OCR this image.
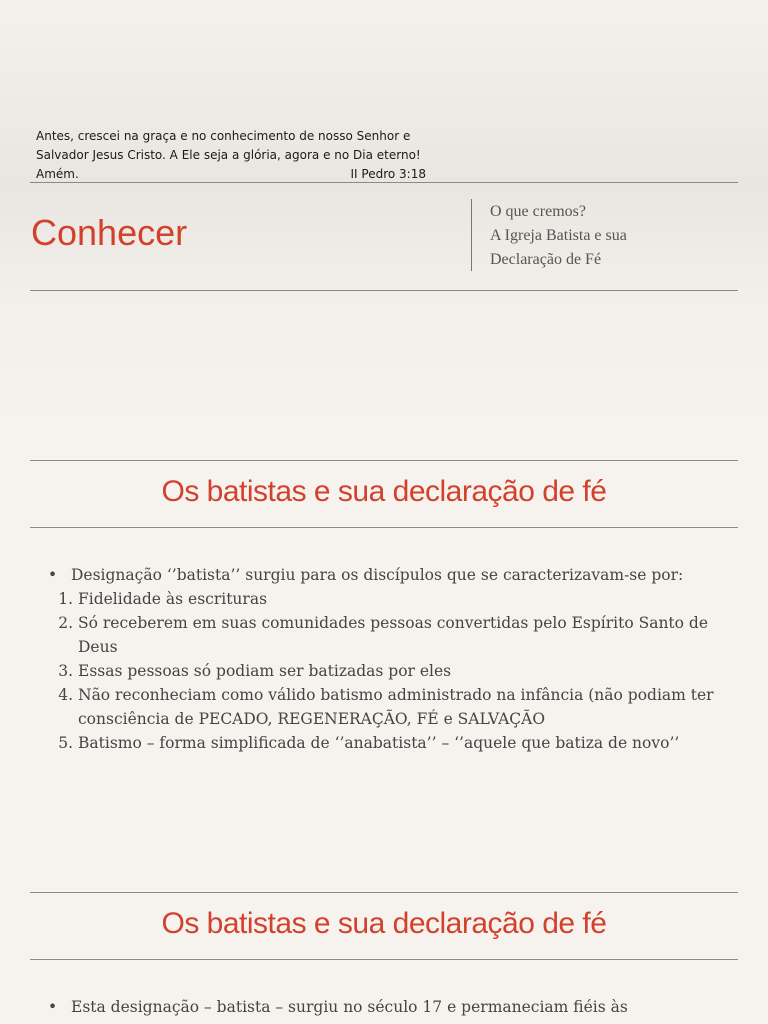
Antes, crescei na graça e no conhecimento de nosso Senhor e
Salvador Jesus Cristo. A Ele seja a glória, agora e no Dia eterno!
Amém.	II Pedro 3:18
Conhecer
O que cremos?
A Igreja Batista e sua
Declaração de Fé
Os batistas e sua declaração de fé
• Designação ‘’batista’’ surgiu para os discípulos que se caracterizavam-se por:
1. Fidelidade às escrituras
2. Só receberem em suas comunidades pessoas convertidas pelo Espírito Santo de Deus
3. Essas pessoas só podiam ser batizadas por eles
4. Não reconheciam como válido batismo administrado na infância (não podiam ter consciência de PECADO, REGENERAÇÃO, FÉ e SALVAÇÃO
5. Batismo – forma simplificada de ‘’anabatista’’ – ‘’aquele que batiza de novo’’
Os batistas e sua declaração de fé
• Esta designação – batista – surgiu no século 17 e permaneciam fiéis às
